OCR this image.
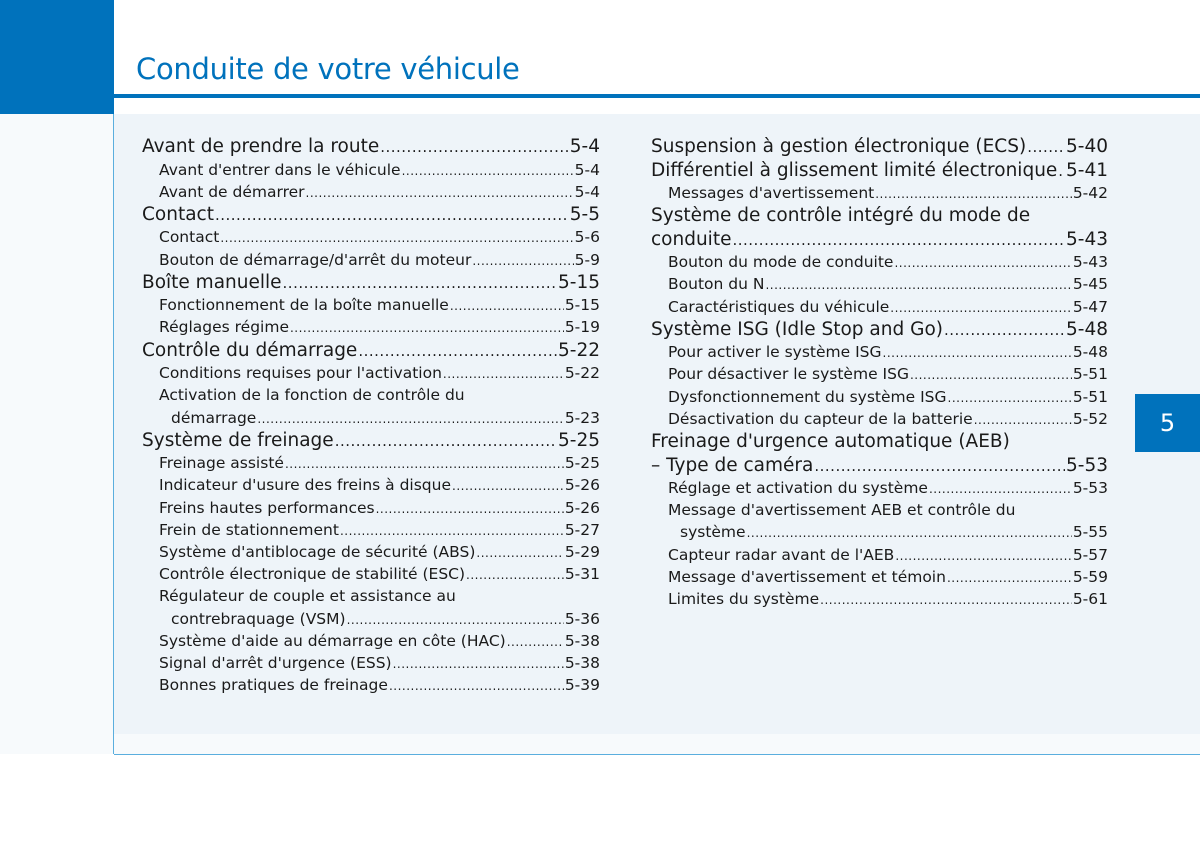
Conduite de votre véhicule
Avant de prendre la route .....	5-4
Avant d'entrer dans le véhicule .....	5-4
Avant de démarrer .....	5-4
Contact .....	5-5
Contact .....	5-6
Bouton de démarrage/d'arrêt du moteur .....	5-9
Boîte manuelle .....	5-15
Fonctionnement de la boîte manuelle .....	5-15
Réglages régime .....	5-19
Contrôle du démarrage .....	5-22
Conditions requises pour l'activation .....	5-22
Activation de la fonction de contrôle du
démarrage .....	5-23
Système de freinage .....	5-25
Freinage assisté .....	5-25
Indicateur d'usure des freins à disque .....	5-26
Freins hautes performances .....	5-26
Frein de stationnement .....	5-27
Système d'antiblocage de sécurité (ABS) .....	5-29
Contrôle électronique de stabilité (ESC) .....	5-31
Régulateur de couple et assistance au
contrebraquage (VSM) .....	5-36
Système d'aide au démarrage en côte (HAC) .....	5-38
Signal d'arrêt d'urgence (ESS) .....	5-38
Bonnes pratiques de freinage .....	5-39
Suspension à gestion électronique (ECS) ..... 5-40
Différentiel à glissement limité électronique ..... 5-41
Messages d'avertissement .....	5-42
Système de contrôle intégré du mode de
conduite .....	5-43
Bouton du mode de conduite .....	5-43
Bouton du N .....	5-45
Caractéristiques du véhicule .....	5-47
Système ISG (Idle Stop and Go) .....	5-48
Pour activer le système ISG .....	5-48
Pour désactiver le système ISG .....	5-51
Dysfonctionnement du système ISG .....	5-51
Désactivation du capteur de la batterie .....	5-52
Freinage d'urgence automatique (AEB)
– Type de caméra .....	5-53
Réglage et activation du système .....	5-53
Message d'avertissement AEB et contrôle du
système .....	5-55
Capteur radar avant de l'AEB .....	5-57
Message d'avertissement et témoin .....	5-59
Limites du système .....	5-61
5
